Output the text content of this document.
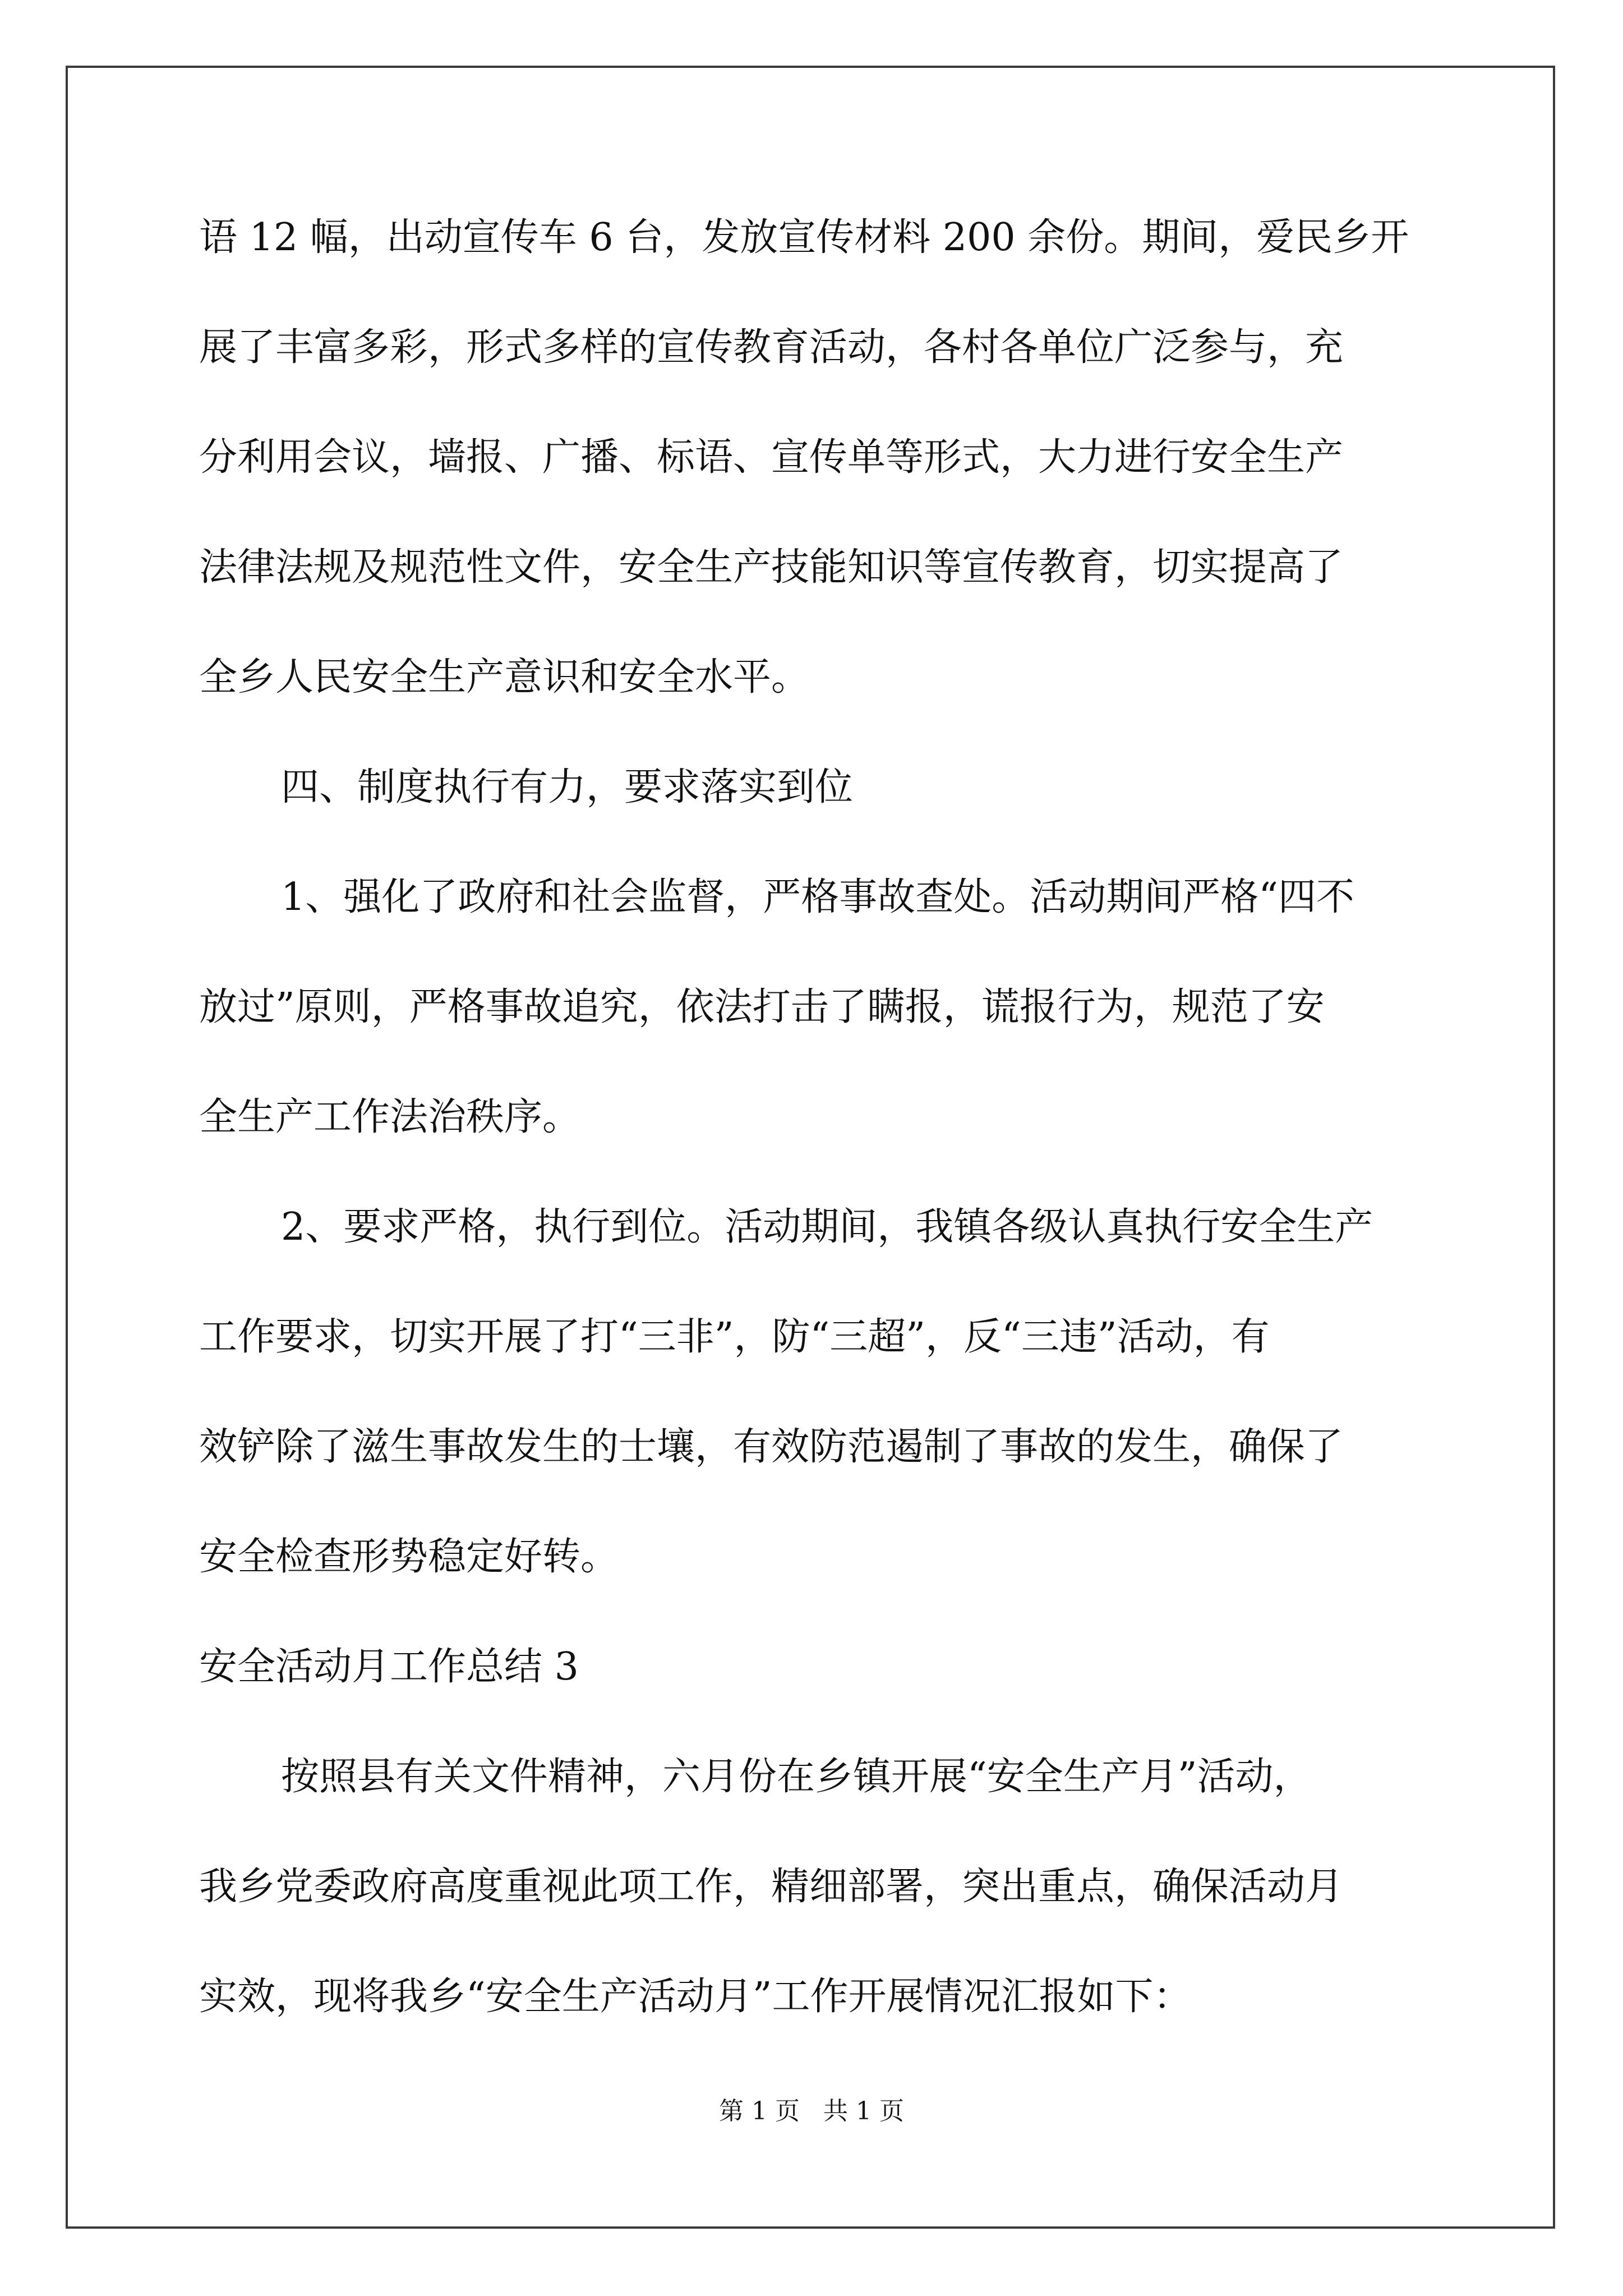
语 12 幅，出动宣传车 6 台，发放宣传材料 200 余份。期间，爱民乡开
展了丰富多彩，形式多样的宣传教育活动，各村各单位广泛参与，充
分利用会议，墙报、广播、标语、宣传单等形式，大力进行安全生产
法律法规及规范性文件，安全生产技能知识等宣传教育，切实提高了
全乡人民安全生产意识和安全水平。
四、制度执行有力，要求落实到位
1、强化了政府和社会监督，严格事故查处。活动期间严格“四不
放过”原则，严格事故追究，依法打击了瞒报，谎报行为，规范了安
全生产工作法治秩序。
2、要求严格，执行到位。活动期间，我镇各级认真执行安全生产
工作要求，切实开展了打“三非”，防“三超”，反“三违”活动，有
效铲除了滋生事故发生的士壤，有效防范遏制了事故的发生，确保了
安全检查形势稳定好转。
安全活动月工作总结 3
按照县有关文件精神，六月份在乡镇开展“安全生产月”活动，
我乡党委政府高度重视此项工作，精细部署，突出重点，确保活动月
实效，现将我乡“安全生产活动月”工作开展情况汇报如下：
第 1 页   共 1 页
